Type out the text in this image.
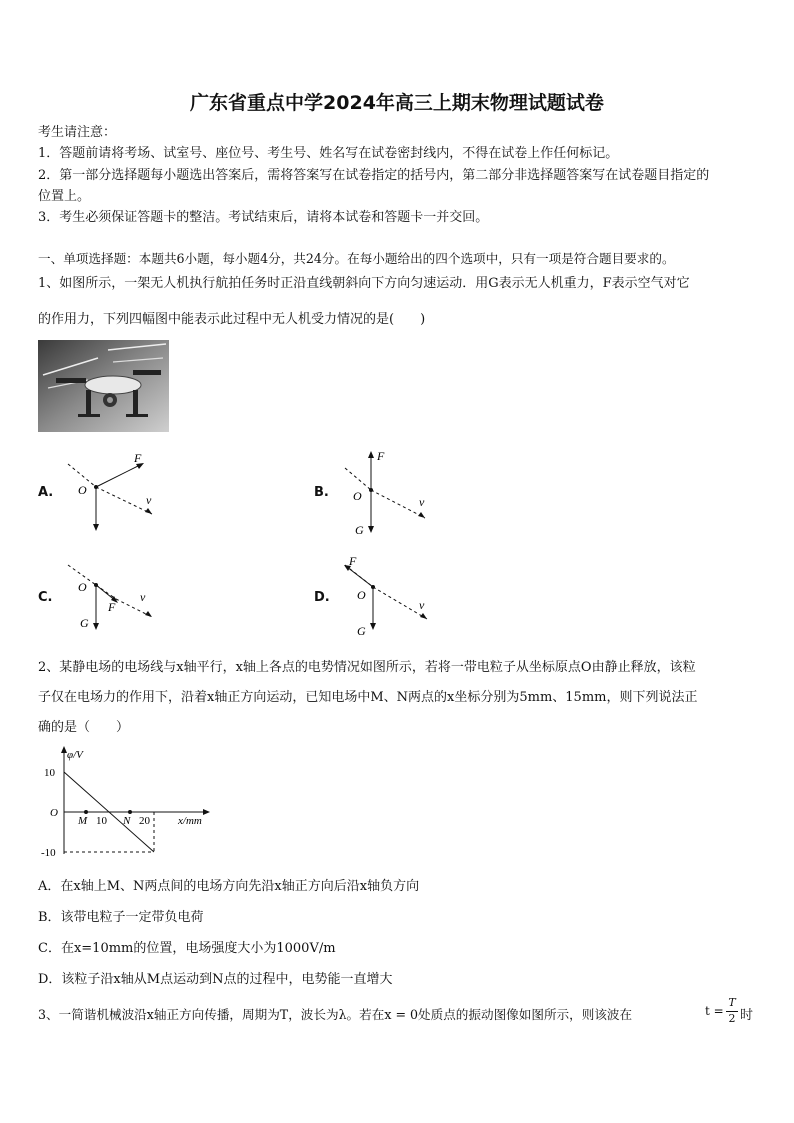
广东省重点中学2024年高三上期末物理试题试卷
考生请注意：
1．答题前请将考场、试室号、座位号、考生号、姓名写在试卷密封线内，不得在试卷上作任何标记。
2．第一部分选择题每小题选出答案后，需将答案写在试卷指定的括号内，第二部分非选择题答案写在试卷题目指定的
位置上。
3．考生必须保证答题卡的整洁。考试结束后，请将本试卷和答题卡一并交回。
一、单项选择题：本题共6小题，每小题4分，共24分。在每小题给出的四个选项中，只有一项是符合题目要求的。
1、如图所示，一架无人机执行航拍任务时正沿直线朝斜向下方向匀速运动．用G表示无人机重力，F表示空气对它
的作用力，下列四幅图中能表示此过程中无人机受力情况的是(　　)
A. O
F
v	B. O
F
G
v
C.
O
F
G
v	D. O
F
G
v
2、某静电场的电场线与x轴平行，x轴上各点的电势情况如图所示，若将一带电粒子从坐标原点O由静止释放，该粒
子仅在电场力的作用下，沿着x轴正方向运动，已知电场中M、N两点的x坐标分别为5mm、15mm，则下列说法正
确的是（　　）
φ/V
10
-10
O
M 10 N 20	x/mm
A．在x轴上M、N两点间的电场方向先沿x轴正方向后沿x轴负方向
B．该带电粒子一定带负电荷
C．在x=10mm的位置，电场强度大小为1000V/m
D．该粒子沿x轴从M点运动到N点的过程中，电势能一直增大
3、一简谐机械波沿x轴正方向传播，周期为T，波长为λ。若在x = 0处质点的振动图像如图所示，则该波在	t =
T
2 时
